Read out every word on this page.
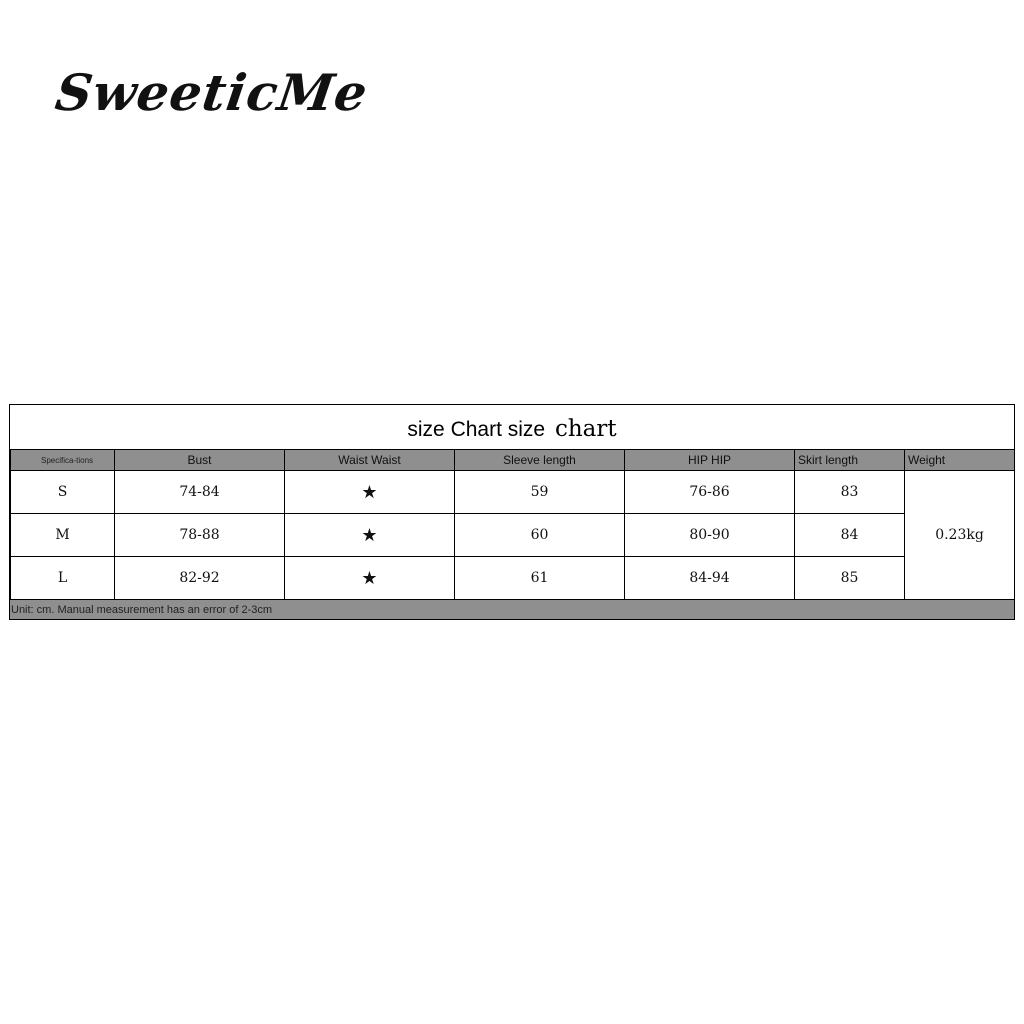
SweeticMe
size Chart size chart
Specifica-tions	Bust	Waist Waist	Sleeve length	HIP HIP	Skirt length	Weight
S	74-84	★	59	76-86	83	0.23kg
M	78-88	★	60	80-90	84	
L	82-92	★	61	84-94	85	
Unit: cm. Manual measurement has an error of 2-3cm
